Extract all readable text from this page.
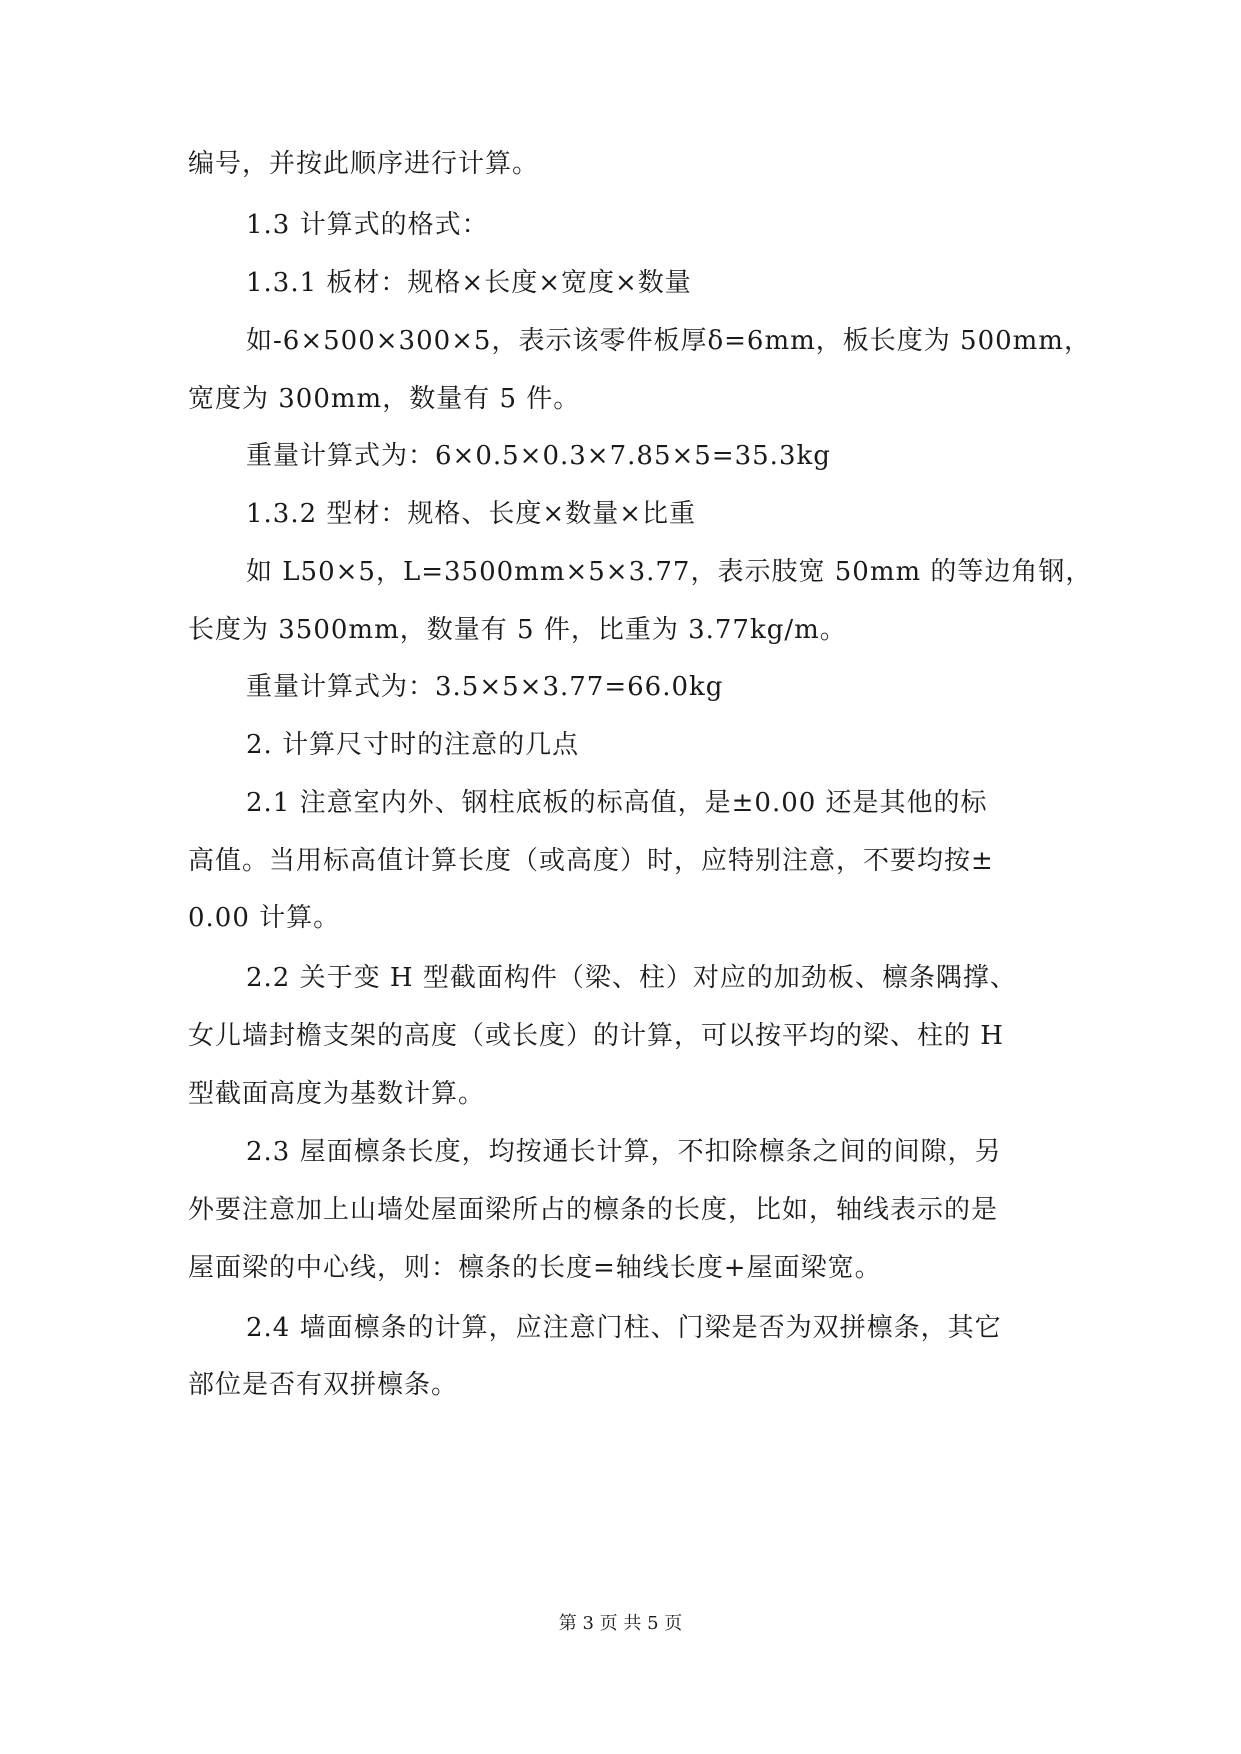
编号，并按此顺序进行计算。
1.3 计算式的格式：
1.3.1 板材：规格×长度×宽度×数量
如-6×500×300×5，表示该零件板厚δ=6mm，板长度为 500mm，
宽度为 300mm，数量有 5 件。
重量计算式为：6×0.5×0.3×7.85×5=35.3kg
1.3.2 型材：规格、长度×数量×比重
如 L50×5，L=3500mm×5×3.77，表示肢宽 50mm 的等边角钢，
长度为 3500mm，数量有 5 件，比重为 3.77kg/m。
重量计算式为：3.5×5×3.77=66.0kg
2. 计算尺寸时的注意的几点
2.1 注意室内外、钢柱底板的标高值，是±0.00 还是其他的标
高值。当用标高值计算长度（或高度）时，应特别注意，不要均按±
0.00 计算。
2.2 关于变 H 型截面构件（梁、柱）对应的加劲板、檩条隅撑、
女儿墙封檐支架的高度（或长度）的计算，可以按平均的梁、柱的 H
型截面高度为基数计算。
2.3 屋面檩条长度，均按通长计算，不扣除檩条之间的间隙，另
外要注意加上山墙处屋面梁所占的檩条的长度，比如，轴线表示的是
屋面梁的中心线，则：檩条的长度=轴线长度+屋面梁宽。
2.4 墙面檩条的计算，应注意门柱、门梁是否为双拼檩条，其它
部位是否有双拼檩条。
第 3 页 共 5 页
